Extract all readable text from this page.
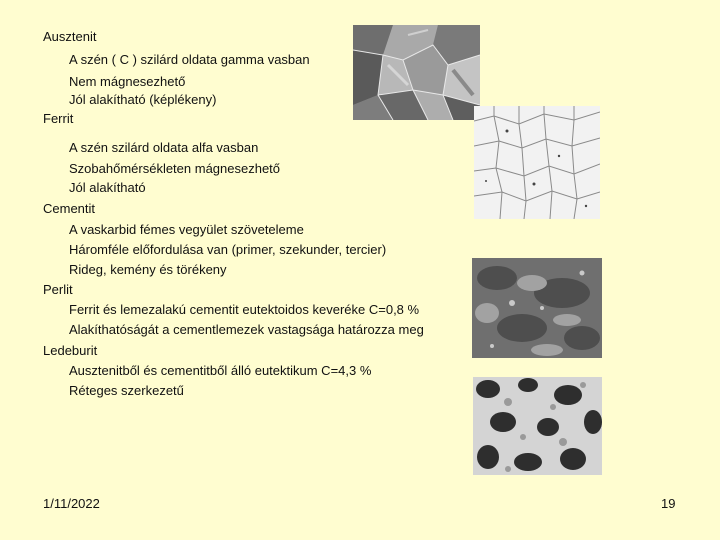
Ausztenit
A szén ( C ) szilárd oldata gamma vasban
Nem mágnesezhető
Jól alakítható (képlékeny)
Ferrit
A szén szilárd oldata alfa vasban
Szobahőmérsékleten mágnesezhető
Jól alakítható
Cementit
A vaskarbid fémes vegyület szöveteleme
Háromféle előfordulása van (primer, szekunder, tercier)
Rideg, kemény és törékeny
Perlit
Ferrit és lemezalakú cementit eutektoidos keveréke C=0,8 %
Alakíthatóságát a cementlemezek vastagsága határozza meg
Ledeburit
Ausztenitből és cementitből álló eutektikum C=4,3 %
Réteges szerkezetű
1/11/2022	19
